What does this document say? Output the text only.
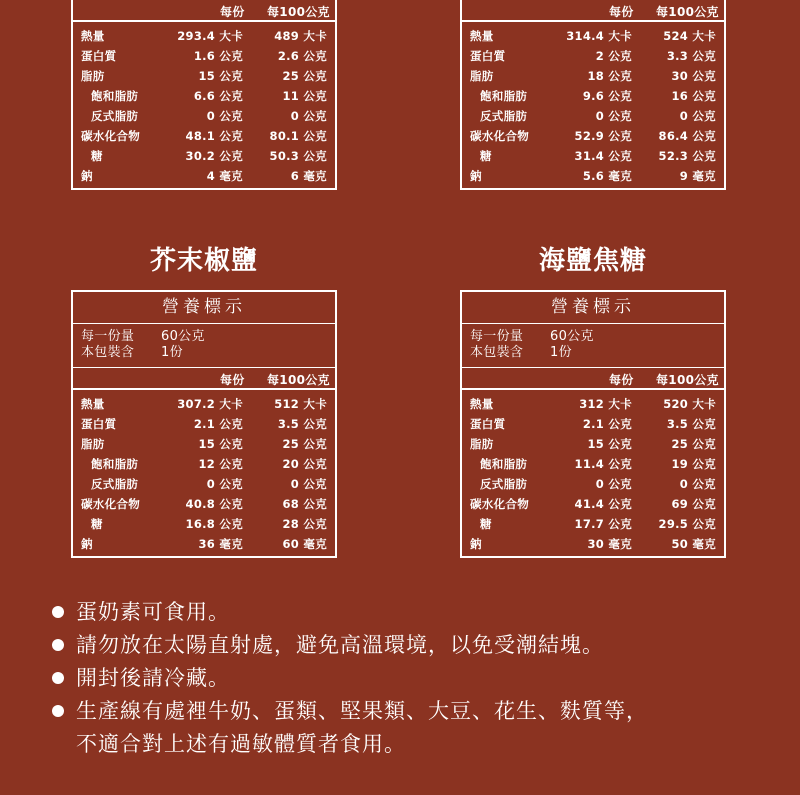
每份 每100公克
熱量	293.4 大卡	489 大卡
蛋白質	1.6 公克	2.6 公克
脂肪	15 公克	25 公克
飽和脂肪	6.6 公克	11 公克
反式脂肪	0 公克	0 公克
碳水化合物	48.1 公克 80.1 公克
糖	30.2 公克 50.3 公克
鈉	4 毫克	6 毫克
每份 每100公克
熱量	314.4 大卡	524 大卡
蛋白質	2 公克	3.3 公克
脂肪	18 公克	30 公克
飽和脂肪	9.6 公克	16 公克
反式脂肪	0 公克	0 公克
碳水化合物	52.9 公克 86.4 公克
糖	31.4 公克 52.3 公克
鈉	5.6 毫克	9 毫克
芥末椒鹽	海鹽焦糖
營養標示
每一份量	60公克
本包裝含	1份
每份 每100公克
熱量	307.2 大卡	512 大卡
蛋白質	2.1 公克	3.5 公克
脂肪	15 公克	25 公克
飽和脂肪	12 公克	20 公克
反式脂肪	0 公克	0 公克
碳水化合物	40.8 公克	68 公克
糖	16.8 公克	28 公克
鈉	36 毫克	60 毫克
營養標示
每一份量	60公克
本包裝含	1份
每份 每100公克
熱量	312 大卡	520 大卡
蛋白質	2.1 公克	3.5 公克
脂肪	15 公克	25 公克
飽和脂肪	11.4 公克	19 公克
反式脂肪	0 公克	0 公克
碳水化合物	41.4 公克	69 公克
糖	17.7 公克 29.5 公克
鈉	30 毫克	50 毫克
蛋奶素可食用。
請勿放在太陽直射處，避免高溫環境，以免受潮結塊。
開封後請冷藏。
生產線有處裡牛奶、蛋類、堅果類、大豆、花生、麩質等，
不適合對上述有過敏體質者食用。
